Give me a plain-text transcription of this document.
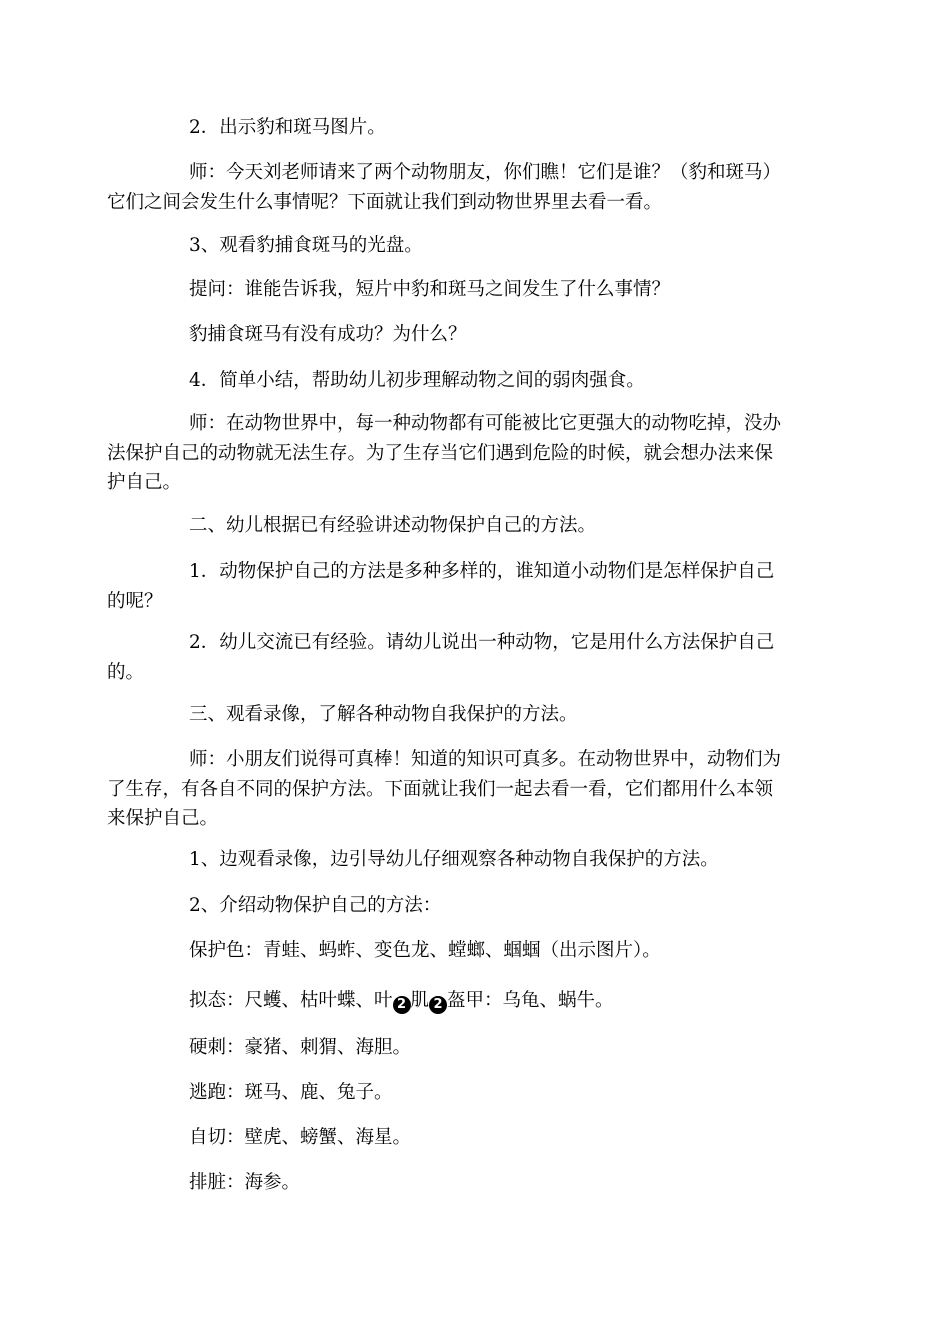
2．出示豹和斑马图片。

师：今天刘老师请来了两个动物朋友，你们瞧！它们是谁？（豹和斑马）
它们之间会发生什么事情呢？下面就让我们到动物世界里去看一看。

3、观看豹捕食斑马的光盘。

提问：谁能告诉我，短片中豹和斑马之间发生了什么事情？

豹捕食斑马有没有成功？为什么？

4．简单小结，帮助幼儿初步理解动物之间的弱肉强食。

师：在动物世界中，每一种动物都有可能被比它更强大的动物吃掉，没办
法保护自己的动物就无法生存。为了生存当它们遇到危险的时候，就会想办法来保
护自己。

二、幼儿根据已有经验讲述动物保护自己的方法。

1．动物保护自己的方法是多种多样的，谁知道小动物们是怎样保护自己
的呢？

2．幼儿交流已有经验。请幼儿说出一种动物，它是用什么方法保护自己
的。

三、观看录像，了解各种动物自我保护的方法。

师：小朋友们说得可真棒！知道的知识可真多。在动物世界中，动物们为
了生存，有各自不同的保护方法。下面就让我们一起去看一看，它们都用什么本领
来保护自己。

1、边观看录像，边引导幼儿仔细观察各种动物自我保护的方法。

2、介绍动物保护自己的方法：

保护色：青蛙、蚂蚱、变色龙、螳螂、蝈蝈（出示图片）。

拟态：尺蠖、枯叶蝶、叶 2 肌 2 盔甲：乌龟、蜗牛。

硬刺：豪猪、刺猬、海胆。

逃跑：斑马、鹿、兔子。

自切：壁虎、螃蟹、海星。

排脏：海参。
